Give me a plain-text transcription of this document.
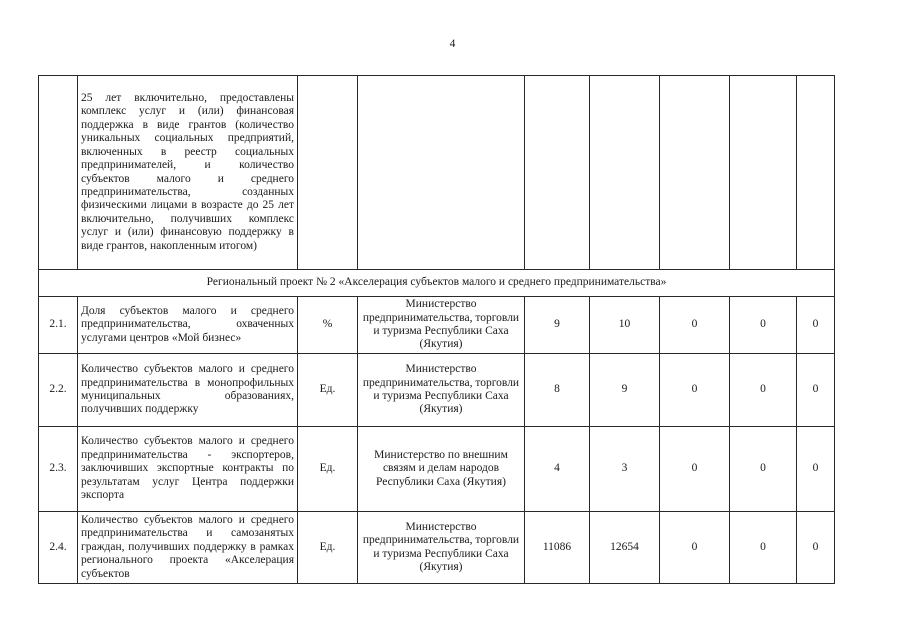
4
	25 лет включительно, предоставлены комплекс услуг и (или) финансовая поддержка в виде грантов (количество уникальных социальных предприятий, включенных в реестр социальных предпринимателей, и количество субъектов малого и среднего предпринимательства, созданных физическими лицами в возрасте до 25 лет включительно, получивших комплекс услуг и (или) финансовую поддержку в виде грантов, накопленным итогом)							
Региональный проект № 2 «Акселерация субъектов малого и среднего предпринимательства»								
2.1.	Доля субъектов малого и среднего предпринимательства, охваченных услугами центров «Мой бизнес»	%	Министерство предпринимательства, торговли и туризма Республики Саха (Якутия)	9	10	0	0	0
2.2.	Количество субъектов малого и среднего предпринимательства в монопрофильных муниципальных образованиях, получивших поддержку	Ед.	Министерство предпринимательства, торговли и туризма Республики Саха (Якутия)	8	9	0	0	0
2.3.	Количество субъектов малого и среднего предпринимательства - экспортеров, заключивших экспортные контракты по результатам услуг Центра поддержки экспорта	Ед.	Министерство по внешним связям и делам народов Республики Саха (Якутия)	4	3	0	0	0
2.4.	Количество субъектов малого и среднего предпринимательства и самозанятых граждан, получивших поддержку в рамках регионального проекта «Акселерация субъектов	Ед.	Министерство предпринимательства, торговли и туризма Республики Саха (Якутия)	11086	12654	0	0	0
